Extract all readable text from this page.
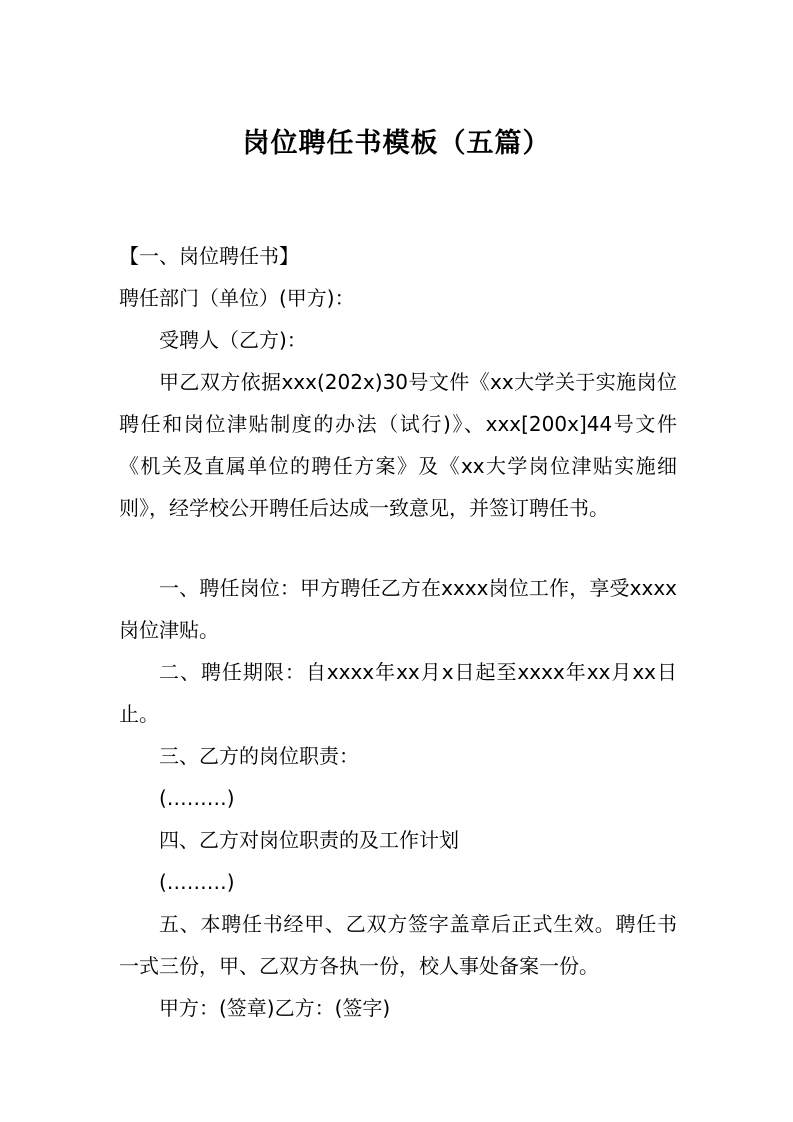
岗位聘任书模板（五篇）

【一、岗位聘任书】

聘任部门（单位）(甲方)：

受聘人（乙方)：

甲乙双方依据xxx(202x)30号文件《xx大学关于实施岗位聘任和岗位津贴制度的办法（试行)》、xxx[200x]44号文件《机关及直属单位的聘任方案》及《xx大学岗位津贴实施细则》，经学校公开聘任后达成一致意见，并签订聘任书。

一、聘任岗位：甲方聘任乙方在xxxx岗位工作，享受xxxx岗位津贴。

二、聘任期限：自xxxx年xx月x日起至xxxx年xx月xx日止。

三、乙方的岗位职责：

(………)

四、乙方对岗位职责的及工作计划

(………)

五、本聘任书经甲、乙双方签字盖章后正式生效。聘任书一式三份，甲、乙双方各执一份，校人事处备案一份。

甲方：(签章)乙方：(签字)
